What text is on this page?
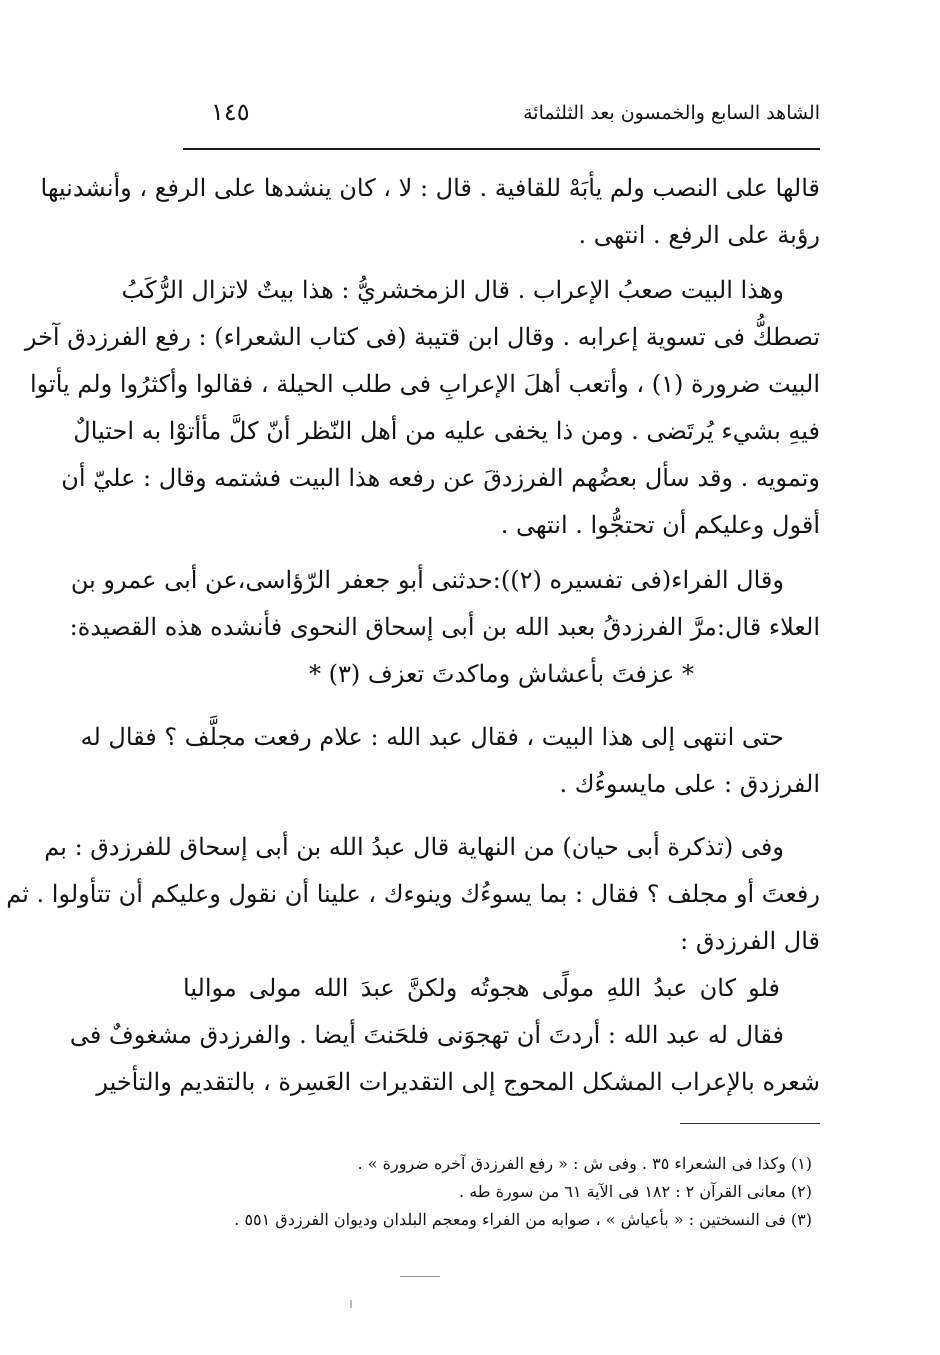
الشاهد السابع والخمسون بعد الثلثمائة
١٤٥
قالها على النصب ولم يأبَهْ للقافية . قال : لا ، كان ينشدها على الرفع ، وأنشدنيها
رؤبة على الرفع . انتهى .
وهذا البيت صعبُ الإعراب . قال الزمخشريُّ : هذا بيتٌ لاتزال الرُّكَبُ
تصطكُّ فى تسوية إعرابه . وقال ابن قتيبة (فى كتاب الشعراء) : رفع الفرزدق آخر
البيت ضرورة (١) ، وأتعب أهلَ الإعرابِ فى طلب الحيلة ، فقالوا وأكثرُوا ولم يأتوا
فيهِ بشيء يُرتَضى . ومن ذا يخفى عليه من أهل النّظر أنّ كلَّ مأأتوْا به احتيالٌ
وتمويه . وقد سأل بعضُهم الفرزدقَ عن رفعه هذا البيت فشتمه وقال : عليّ أن
أقول وعليكم أن تحتجُّوا . انتهى .
وقال الفراء(فى تفسيره (٢)):حدثنى أبو جعفر الرّؤاسى،عن أبى عمرو بن
العلاء قال:مرَّ الفرزدقُ بعبد الله بن أبى إسحاق النحوى فأنشده هذه القصيدة:
* عزفتَ بأعشاش وماكدتَ تعزف (٣) *
حتى انتهى إلى هذا البيت ، فقال عبد الله : علام رفعت مجلَّف ؟ فقال له
الفرزدق : على مايسوءُك .
وفى (تذكرة أبى حيان) من النهاية قال عبدُ الله بن أبى إسحاق للفرزدق : بم
رفعتَ أو مجلف ؟ فقال : بما يسوءُك وينوءك ، علينا أن نقول وعليكم أن تتأولوا . ثم
قال الفرزدق :
فلو كان عبدُ اللهِ مولًى هجوتُه ولكنَّ عبدَ الله مولى مواليا
فقال له عبد الله : أردتَ أن تهجوَنى فلحَنتَ أيضا . والفرزدق مشغوفٌ فى
شعره بالإعراب المشكل المحوج إلى التقديرات العَسِرة ، بالتقديم والتأخير
(١) وكذا فى الشعراء ٣٥ . وفى ش : « رفع الفرزدق آخره ضرورة » .
(٢) معانى القرآن ٢ : ١٨٢ فى الآية ٦١ من سورة طه .
(٣) فى النسختين : « بأعياش » ، صوابه من الفراء ومعجم البلدان وديوان الفرزدق ٥٥١ .
